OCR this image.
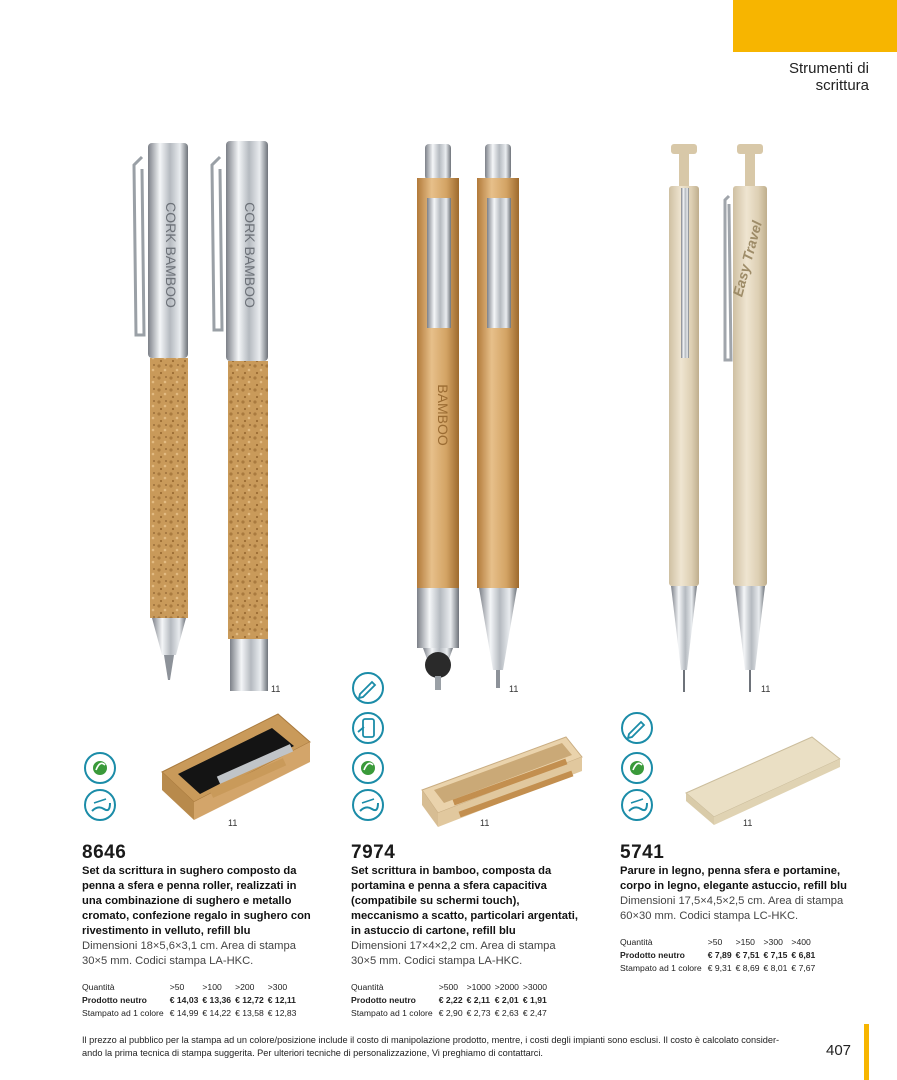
Strumenti di
scrittura
CORK BAMBOO	CORK BAMBOO
11
11
BAMBOO
11
11
Easy Travel
11
11
8646
Set da scrittura in sughero composto da
penna a sfera e penna roller, realizzati in
una combinazione di sughero e metallo
cromato, confezione regalo in sughero con
rivestimento in velluto, refill blu
Dimensioni 18×5,6×3,1 cm. Area di stampa
30×5 mm. Codici stampa LA-HKC.
Quantità	>50	>100	>200	>300
Prodotto neutro	€ 14,03	€ 13,36	€ 12,72	€ 12,11
Stampato ad 1 colore	€ 14,99	€ 14,22	€ 13,58	€ 12,83
7974
Set scrittura in bamboo, composta da
portamina e penna a sfera capacitiva
(compatibile su schermi touch),
meccanismo a scatto, particolari argentati,
in astuccio di cartone, refill blu
Dimensioni 17×4×2,2 cm. Area di stampa
30×5 mm. Codici stampa LA-HKC.
Quantità	>500	>1000	>2000	>3000
Prodotto neutro	€ 2,22	€ 2,11	€ 2,01	€ 1,91
Stampato ad 1 colore	€ 2,90	€ 2,73	€ 2,63	€ 2,47
5741
Parure in legno, penna sfera e portamine,
corpo in legno, elegante astuccio, refill blu
Dimensioni 17,5×4,5×2,5 cm. Area di stampa
60×30 mm. Codici stampa LC-HKC.
Quantità	>50	>150	>300	>400
Prodotto neutro	€ 7,89	€ 7,51	€ 7,15	€ 6,81
Stampato ad 1 colore	€ 9,31	€ 8,69	€ 8,01	€ 7,67
Il prezzo al pubblico per la stampa ad un colore/posizione include il costo di manipolazione prodotto, mentre, i costi degli impianti sono esclusi. Il costo è calcolato consider-
ando la prima tecnica di stampa suggerita. Per ulteriori tecniche di personalizzazione, Vi preghiamo di contattarci.	407
